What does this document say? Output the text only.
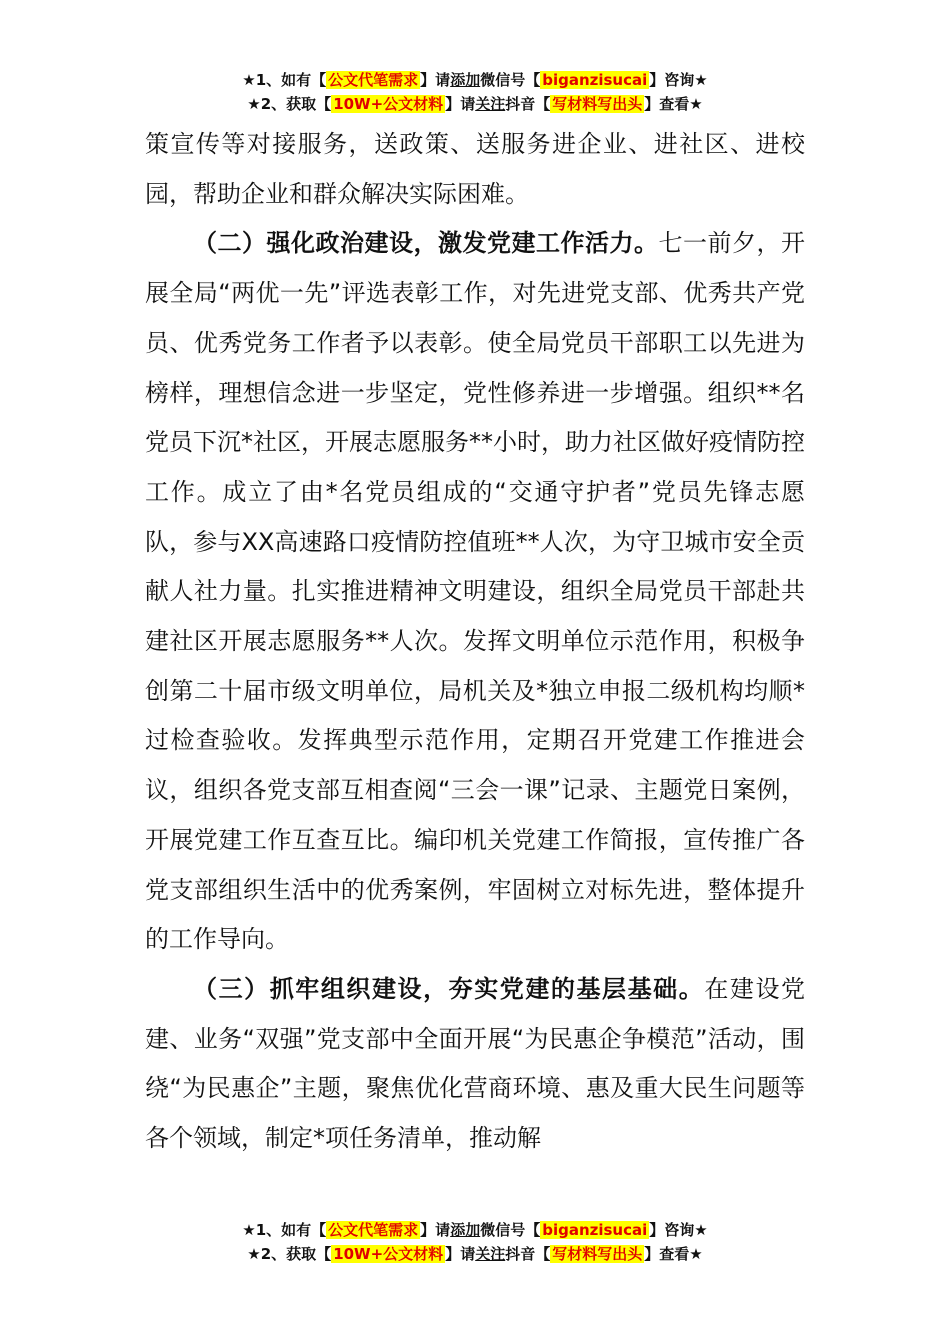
★1、如有【 公文代笔需求 】请添加微信号【 biganzisucai 】咨询★
★2、获取【 10W+公文材料 】请关注抖音【 写材料写出头 】查看★

策宣传等对接服务，送政策、送服务进企业、进社区、进校园，帮助企业和群众解决实际困难。

（二）强化政治建设，激发党建工作活力。七一前夕，开展全局“两优一先”评选表彰工作，对先进党支部、优秀共产党员、优秀党务工作者予以表彰。使全局党员干部职工以先进为榜样，理想信念进一步坚定，党性修养进一步增强。组织**名党员下沉*社区，开展志愿服务**小时，助力社区做好疫情防控工作。成立了由*名党员组成的“交通守护者”党员先锋志愿队，参与XX高速路口疫情防控值班**人次，为守卫城市安全贡献人社力量。扎实推进精神文明建设，组织全局党员干部赴共建社区开展志愿服务**人次。发挥文明单位示范作用，积极争创第二十届市级文明单位，局机关及*独立申报二级机构均顺*过检查验收。发挥典型示范作用，定期召开党建工作推进会议，组织各党支部互相查阅“三会一课”记录、主题党日案例，开展党建工作互查互比。编印机关党建工作简报，宣传推广各党支部组织生活中的优秀案例，牢固树立对标先进，整体提升的工作导向。

（三）抓牢组织建设，夯实党建的基层基础。在建设党建、业务“双强”党支部中全面开展“为民惠企争模范”活动，围绕“为民惠企”主题，聚焦优化营商环境、惠及重大民生问题等各个领域，制定*项任务清单，推动解

★1、如有【 公文代笔需求 】请添加微信号【 biganzisucai 】咨询★
★2、获取【 10W+公文材料 】请关注抖音【 写材料写出头 】查看★
